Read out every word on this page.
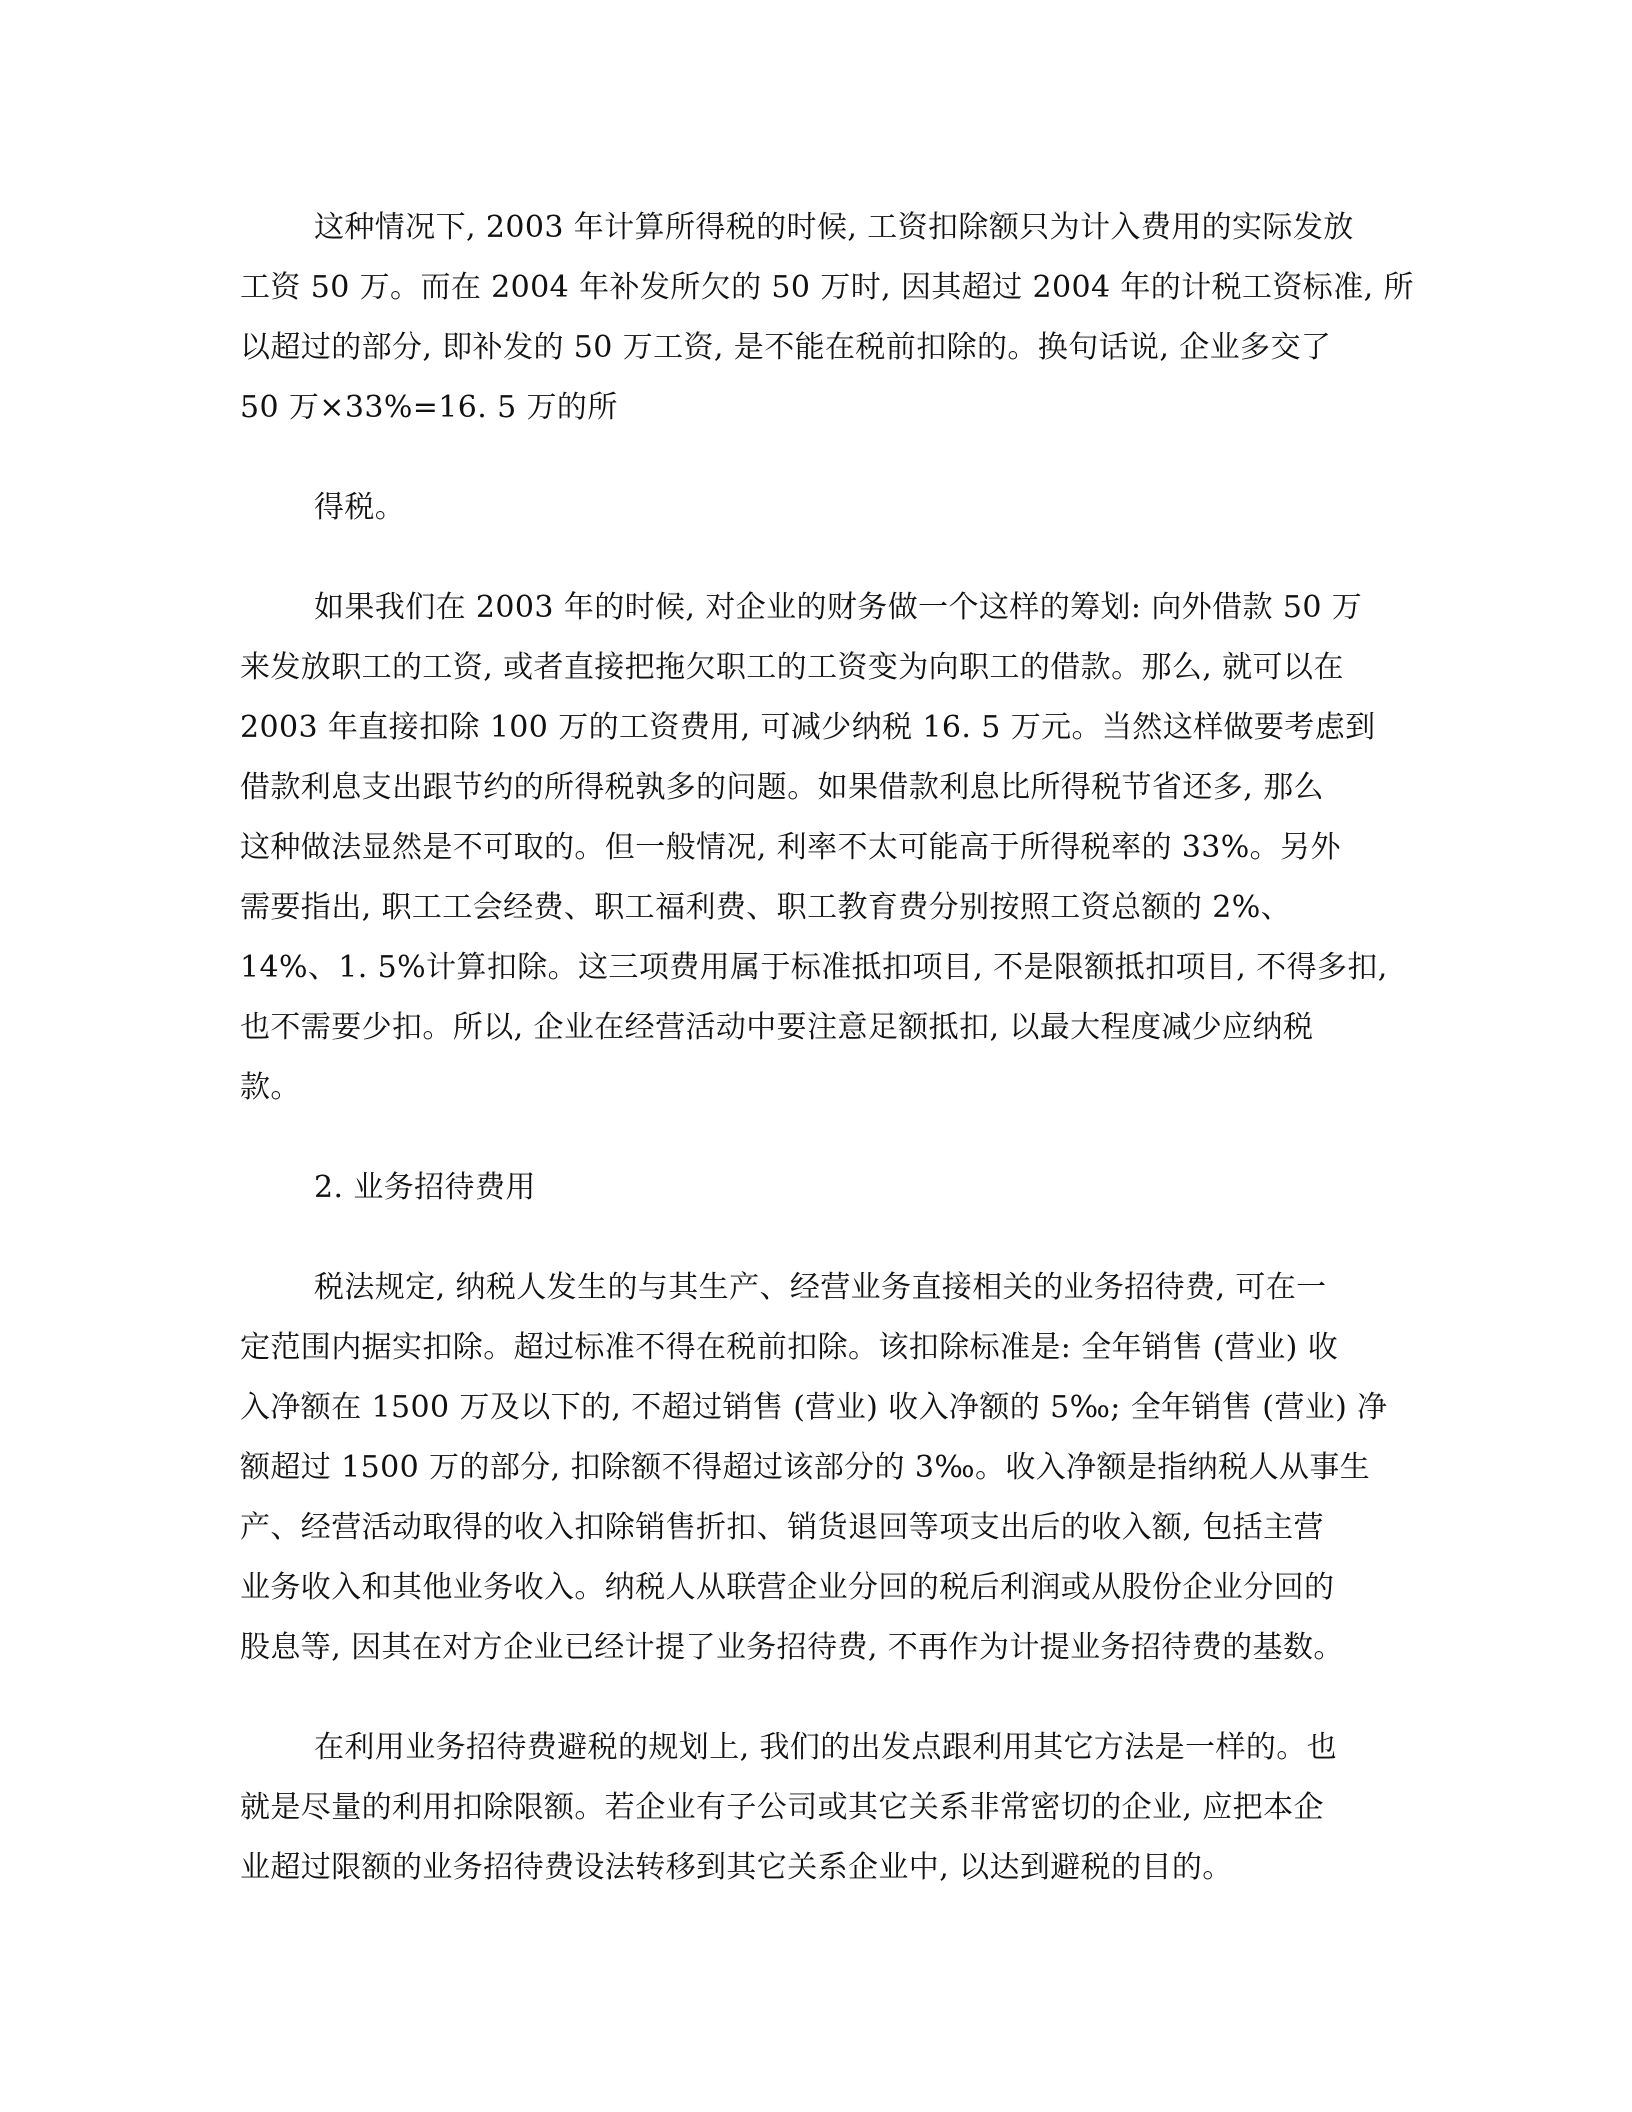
这种情况下, 2003 年计算所得税的时候, 工资扣除额只为计入费用的实际发放
工资 50 万。而在 2004 年补发所欠的 50 万时, 因其超过 2004 年的计税工资标准, 所
以超过的部分, 即补发的 50 万工资, 是不能在税前扣除的。换句话说, 企业多交了
50 万×33%=16. 5 万的所
得税。
如果我们在 2003 年的时候, 对企业的财务做一个这样的筹划: 向外借款 50 万
来发放职工的工资, 或者直接把拖欠职工的工资变为向职工的借款。那么, 就可以在
2003 年直接扣除 100 万的工资费用, 可减少纳税 16. 5 万元。当然这样做要考虑到
借款利息支出跟节约的所得税孰多的问题。如果借款利息比所得税节省还多, 那么
这种做法显然是不可取的。但一般情况, 利率不太可能高于所得税率的 33%。另外
需要指出, 职工工会经费、职工福利费、职工教育费分别按照工资总额的 2%、
14%、1. 5%计算扣除。这三项费用属于标准抵扣项目, 不是限额抵扣项目, 不得多扣,
也不需要少扣。所以, 企业在经营活动中要注意足额抵扣, 以最大程度减少应纳税
款。
2. 业务招待费用
税法规定, 纳税人发生的与其生产、经营业务直接相关的业务招待费, 可在一
定范围内据实扣除。超过标准不得在税前扣除。该扣除标准是: 全年销售 (营业) 收
入净额在 1500 万及以下的, 不超过销售 (营业) 收入净额的 5‰; 全年销售 (营业) 净
额超过 1500 万的部分, 扣除额不得超过该部分的 3‰。收入净额是指纳税人从事生
产、经营活动取得的收入扣除销售折扣、销货退回等项支出后的收入额, 包括主营
业务收入和其他业务收入。纳税人从联营企业分回的税后利润或从股份企业分回的
股息等, 因其在对方企业已经计提了业务招待费, 不再作为计提业务招待费的基数。
在利用业务招待费避税的规划上, 我们的出发点跟利用其它方法是一样的。也
就是尽量的利用扣除限额。若企业有子公司或其它关系非常密切的企业, 应把本企
业超过限额的业务招待费设法转移到其它关系企业中, 以达到避税的目的。
